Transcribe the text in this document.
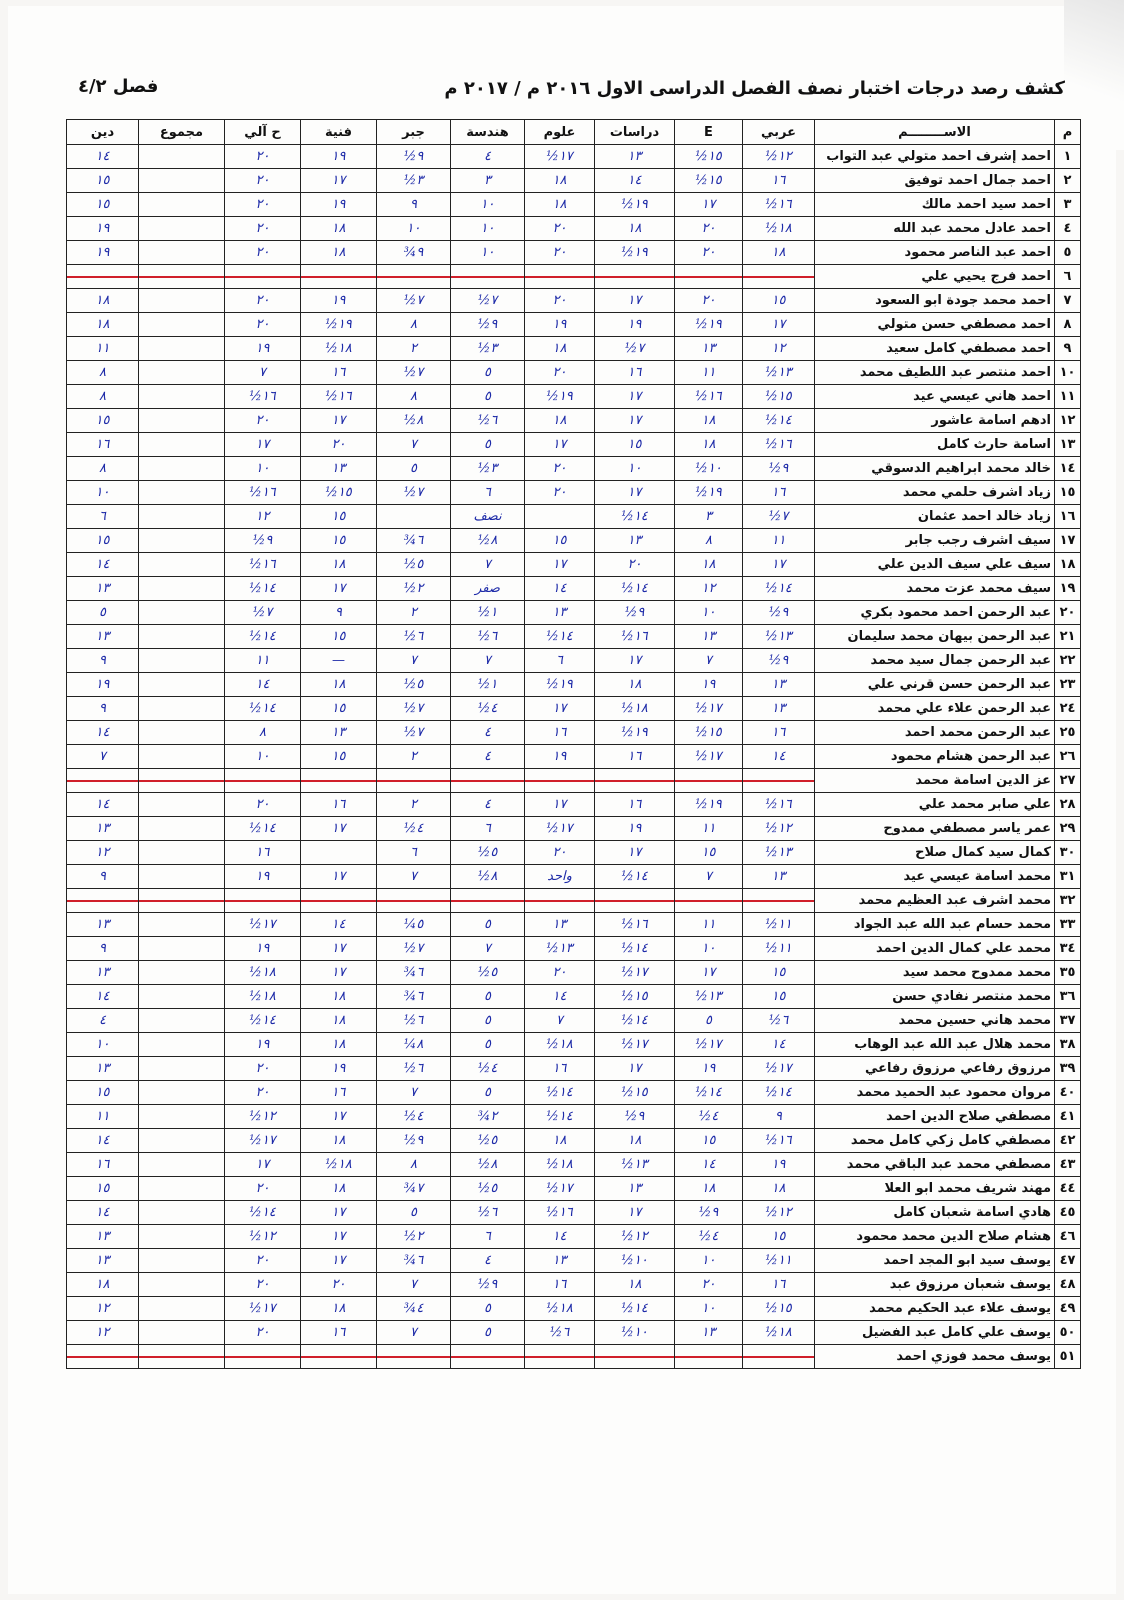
كشف رصد درجات اختبار نصف الفصل الدراسى الاول ٢٠١٦ م / ٢٠١٧ م
فصل ٤/٢
م	الاســــــــم	عربي	E	دراسات	علوم	هندسة	جبر	فنية	ح آلي	مجموع	دين
١	احمد إشرف احمد متولي عبد التواب	١٢½	١٥½	١٣	١٧½	٤	٩½	١٩	٢٠		١٤
٢	احمد جمال احمد توفيق	١٦	١٥½	١٤	١٨	٣	٣½	١٧	٢٠		١٥
٣	احمد سيد احمد مالك	١٦½	١٧	١٩½	١٨	١٠	٩	١٩	٢٠		١٥
٤	احمد عادل محمد عبد الله	١٨½	٢٠	١٨	٢٠	١٠	١٠	١٨	٢٠		١٩
٥	احمد عبد الناصر محمود	١٨	٢٠	١٩½	٢٠	١٠	٩¾	١٨	٢٠		١٩
٦	احمد فرج يحيي علي										
٧	احمد محمد جودة ابو السعود	١٥	٢٠	١٧	٢٠	٧½	٧½	١٩	٢٠		١٨
٨	احمد مصطفي حسن متولي	١٧	١٩½	١٩	١٩	٩½	٨	١٩½	٢٠		١٨
٩	احمد مصطفي كامل سعيد	١٢	١٣	٧½	١٨	٣½	٢	١٨½	١٩		١١
١٠	احمد منتصر عبد اللطيف محمد	١٣½	١١	١٦	٢٠	٥	٧½	١٦	٧		٨
١١	احمد هاني عيسي عيد	١٥½	١٦½	١٧	١٩½	٥	٨	١٦½	١٦½		٨
١٢	ادهم اسامة عاشور	١٤½	١٨	١٧	١٨	٦½	٨½	١٧	٢٠		١٥
١٣	اسامة حارث كامل	١٦½	١٨	١٥	١٧	٥	٧	٢٠	١٧		١٦
١٤	خالد محمد ابراهيم الدسوقي	٩½	١٠½	١٠	٢٠	٣½	٥	١٣	١٠		٨
١٥	زياد اشرف حلمي محمد	١٦	١٩½	١٧	٢٠	٦	٧½	١٥½	١٦½		١٠
١٦	زياد خالد احمد عثمان	٧½	٣	١٤½		نصف		١٥	١٢		٦
١٧	سيف اشرف رجب جابر	١١	٨	١٣	١٥	٨½	٦¾	١٥	٩½		١٥
١٨	سيف علي سيف الدين علي	١٧	١٨	٢٠	١٧	٧	٥½	١٨	١٦½		١٤
١٩	سيف محمد عزت محمد	١٤½	١٢	١٤½	١٤	صفر	٢½	١٧	١٤½		١٣
٢٠	عبد الرحمن احمد محمود بكري	٩½	١٠	٩½	١٣	١½	٢	٩	٧½		٥
٢١	عبد الرحمن بيهان محمد سليمان	١٣½	١٣	١٦½	١٤½	٦½	٦½	١٥	١٤½		١٣
٢٢	عبد الرحمن جمال سيد محمد	٩½	٧	١٧	٦	٧	٧	—	١١		٩
٢٣	عبد الرحمن حسن قرني علي	١٣	١٩	١٨	١٩½	١½	٥½	١٨	١٤		١٩
٢٤	عبد الرحمن علاء علي محمد	١٣	١٧½	١٨½	١٧	٤½	٧½	١٥	١٤½		٩
٢٥	عبد الرحمن محمد احمد	١٦	١٥½	١٩½	١٦	٤	٧½	١٣	٨		١٤
٢٦	عبد الرحمن هشام محمود	١٤	١٧½	١٦	١٩	٤	٢	١٥	١٠		٧
٢٧	عز الدين اسامة محمد										
٢٨	علي صابر محمد علي	١٦½	١٩½	١٦	١٧	٤	٢	١٦	٢٠		١٤
٢٩	عمر ياسر مصطفي ممدوح	١٢½	١١	١٩	١٧½	٦	٤½	١٧	١٤½		١٣
٣٠	كمال سيد كمال صلاح	١٣½	١٥	١٧	٢٠	٥½	٦		١٦		١٢
٣١	محمد اسامة عيسي عيد	١٣	٧	١٤½	واحد	٨½	٧	١٧	١٩		٩
٣٢	محمد اشرف عبد العظيم محمد										
٣٣	محمد حسام عبد الله عبد الجواد	١١½	١١	١٦½	١٣	٥	٥¼	١٤	١٧½		١٣
٣٤	محمد علي كمال الدين احمد	١١½	١٠	١٤½	١٣½	٧	٧½	١٧	١٩		٩
٣٥	محمد ممدوح محمد سيد	١٥	١٧	١٧½	٢٠	٥½	٦¾	١٧	١٨½		١٣
٣٦	محمد منتصر نفادي حسن	١٥	١٣½	١٥½	١٤	٥	٦¾	١٨	١٨½		١٤
٣٧	محمد هاني حسين محمد	٦½	٥	١٤½	٧	٥	٦½	١٨	١٤½		٤
٣٨	محمد هلال عبد الله عبد الوهاب	١٤	١٧½	١٧½	١٨½	٥	٨¼	١٨	١٩		١٠
٣٩	مرزوق رفاعي مرزوق رفاعي	١٧½	١٩	١٧	١٦	٤½	٦½	١٩	٢٠		١٣
٤٠	مروان محمود عبد الحميد محمد	١٤½	١٤½	١٥½	١٤½	٥	٧	١٦	٢٠		١٥
٤١	مصطفي صلاح الدين احمد	٩	٤½	٩½	١٤½	٢¾	٤½	١٧	١٢½		١١
٤٢	مصطفي كامل زكي كامل محمد	١٦½	١٥	١٨	١٨	٥½	٩½	١٨	١٧½		١٤
٤٣	مصطفي محمد عبد الباقي محمد	١٩	١٤	١٣½	١٨½	٨½	٨	١٨½	١٧		١٦
٤٤	مهند شريف محمد ابو العلا	١٨	١٨	١٣	١٧½	٥½	٧¾	١٨	٢٠		١٥
٤٥	هادي اسامة شعبان كامل	١٢½	٩½	١٧	١٦½	٦½	٥	١٧	١٤½		١٤
٤٦	هشام صلاح الدين محمد محمود	١٥	٤½	١٢½	١٤	٦	٢½	١٧	١٢½		١٣
٤٧	يوسف سيد ابو المجد احمد	١١½	١٠	١٠½	١٣	٤	٦¾	١٧	٢٠		١٣
٤٨	يوسف شعبان مرزوق عبد	١٦	٢٠	١٨	١٦	٩½	٧	٢٠	٢٠		١٨
٤٩	يوسف علاء عبد الحكيم محمد	١٥½	١٠	١٤½	١٨½	٥	٤¾	١٨	١٧½		١٢
٥٠	يوسف علي كامل عبد الفضيل	١٨½	١٣	١٠½	٦½	٥	٧	١٦	٢٠		١٢
٥١	يوسف محمد فوزي احمد										
